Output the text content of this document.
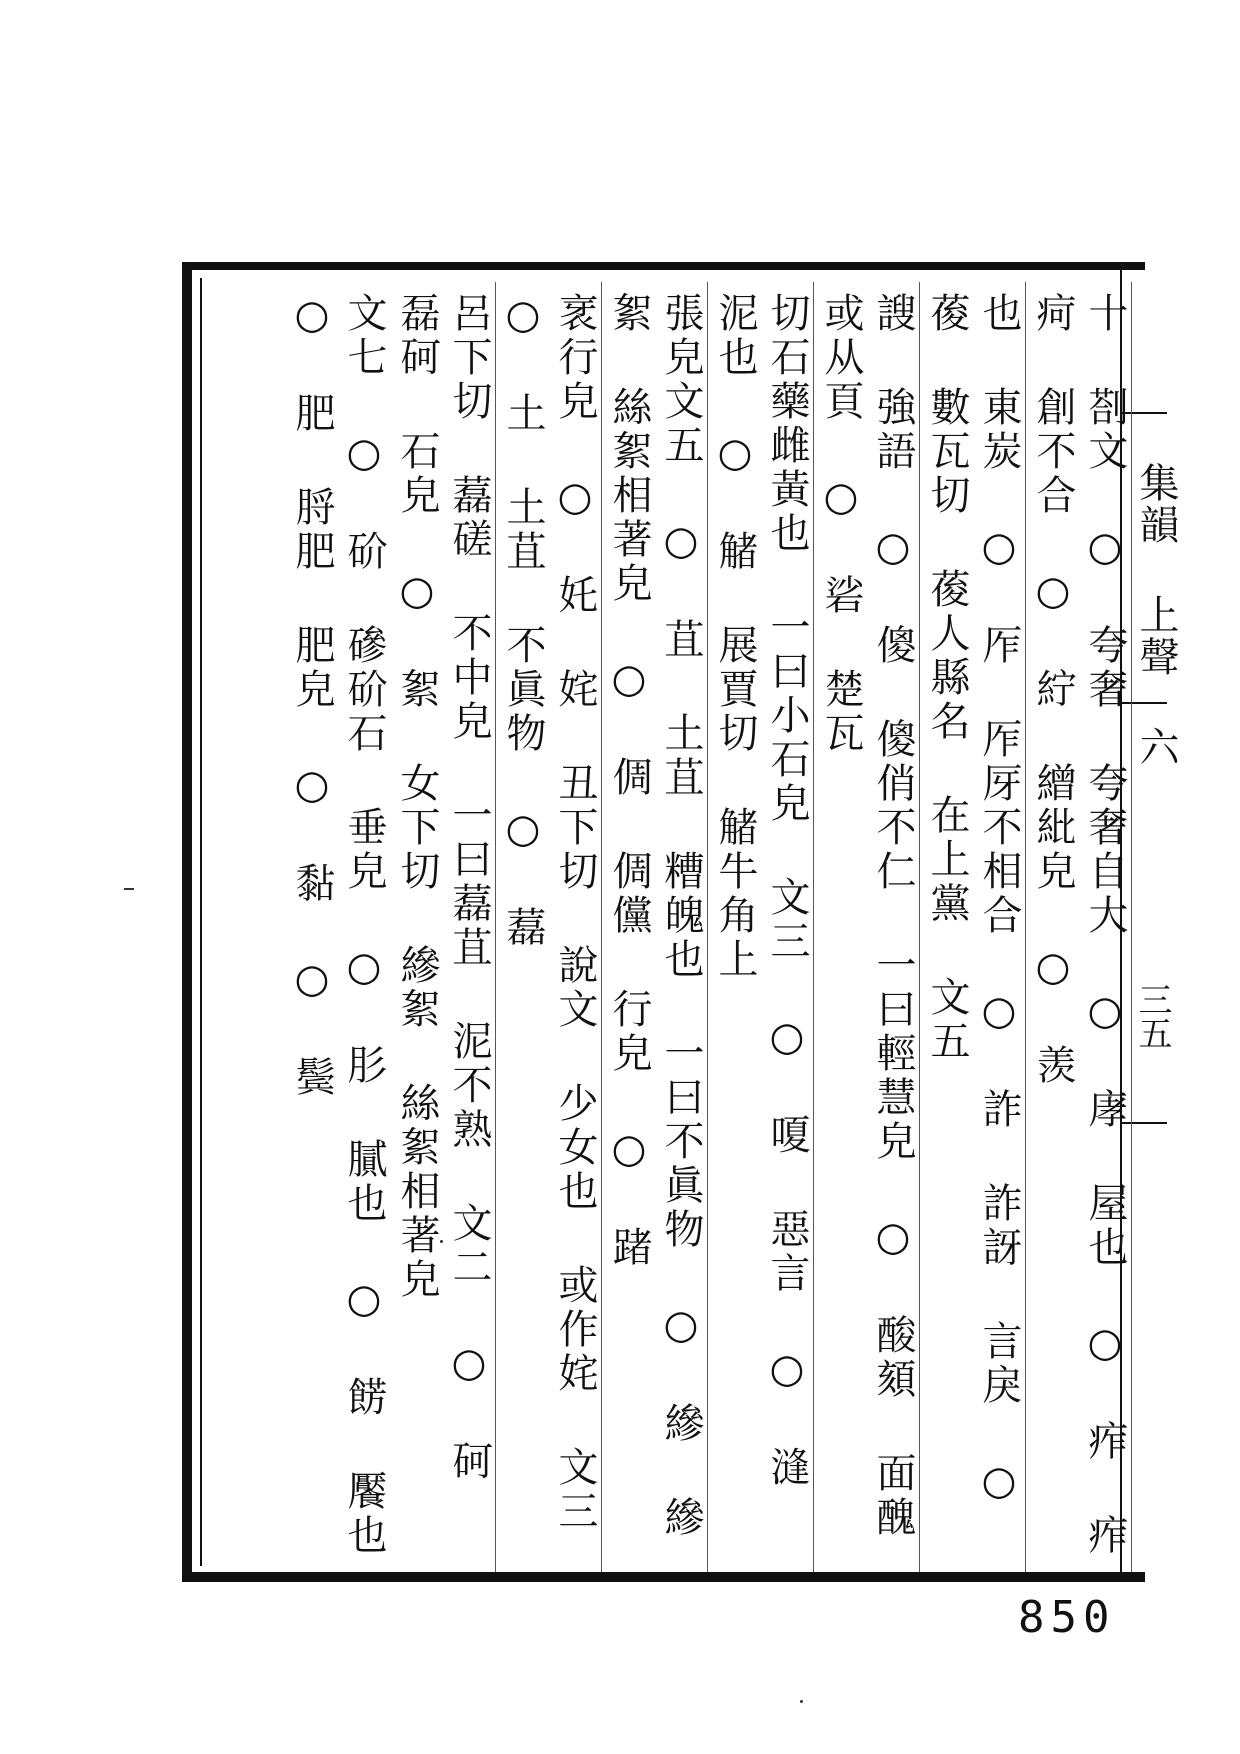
集韻 上聲 六
三五
十 剳文 ○ 夸奢 夸奢自大 ○ 庨 屋也 ○ 痄 痄疴 創不合 ○ 紵 繒紕皃 ○ 羡
也 東炭 ○ 厏 厏厊不相合 ○ 詐 詐訝 言戾 ○ 葰 數瓦切 葰人縣名 在上黨 文五
謏 強語 ○ 傻 傻俏不仁 一曰輕慧皃 ○ 酸頦 面醜或从頁 ○ 硰 楚瓦
切石藥雌黃也 一曰小石皃 文三 ○ 嗄 惡言 ○ 漨 泥也 ○ 觰 展賈切 觰牛角上
張皃文五 ○ 苴 土苴 糟魄也 一曰不眞物 ○ 縿 縿絮 絲絮相著皃 ○ 倜 倜儻 行皃 ○ 踷
衺行皃 ○ 奼 姹 丑下切 說文 少女也 或作姹 文三 ○ 土 土苴 不眞物 ○ 藞
呂下切 藞磋 不中皃 一曰藞苴 泥不熟 文二 ○ 砢 磊砢 石皃 ○ 絮 女下切 縿絮 絲絮相著皃
文七 ○ 砎 磣砎石 垂皃 ○ 肜 膩也 ○ 餝 饜也 ○ 肥 脟肥 肥皃 ○ 黏 ○ 鬓
850
